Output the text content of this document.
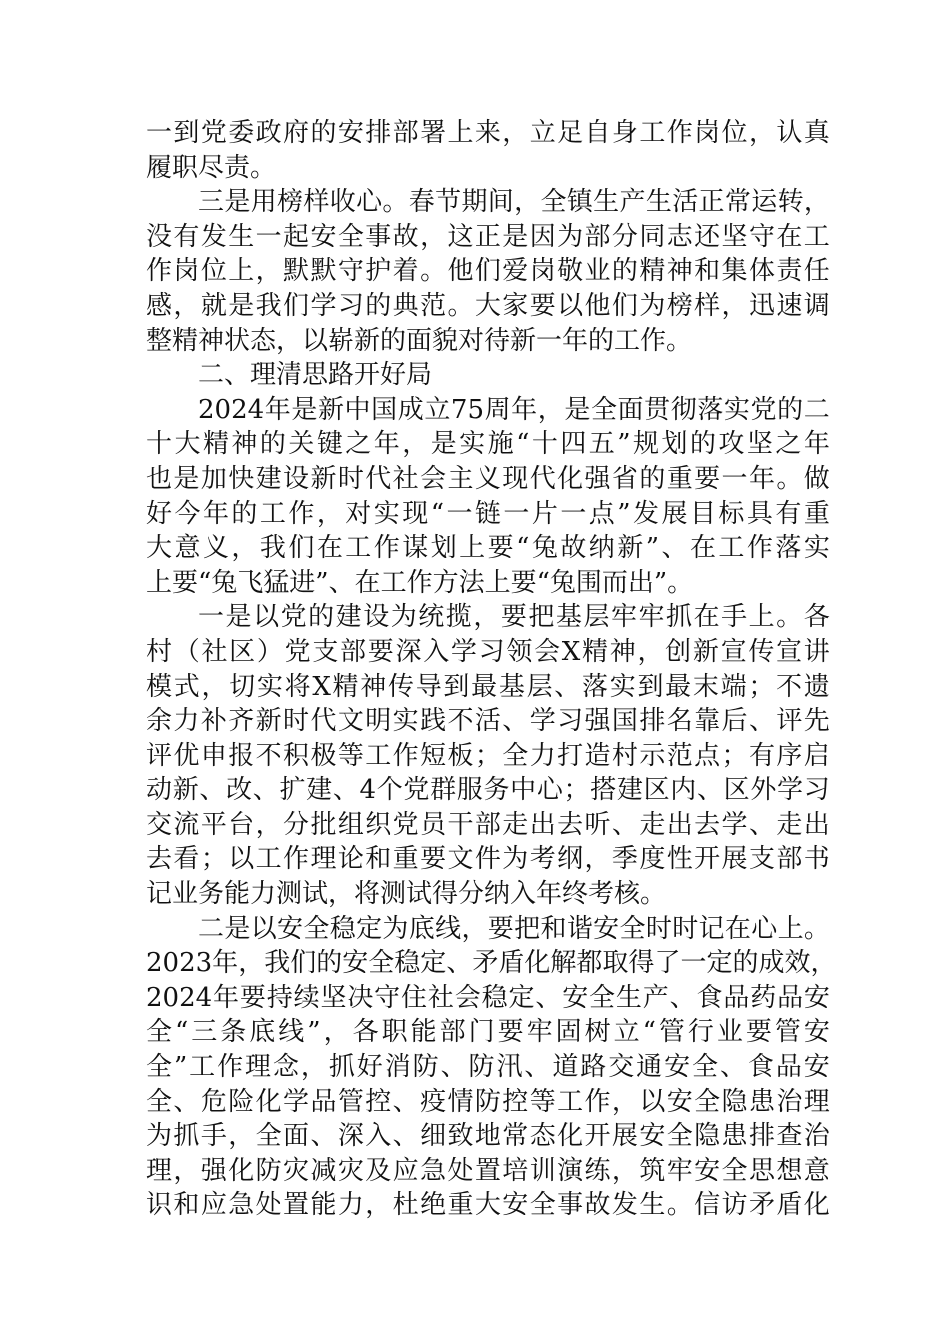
一 到 党 委 政 府 的 安 排 部 署 上 来 ， 立 足 自 身 工 作 岗 位 ， 认 真
履职尽责。
三 是 用 榜 样 收 心 。 春 节 期 间 ， 全 镇 生 产 生 活 正 常 运 转 ，
没 有 发 生 一 起 安 全 事 故 ， 这 正 是 因 为 部 分 同 志 还 坚 守 在 工
作 岗 位 上 ， 默 默 守 护 着 。 他 们 爱 岗 敬 业 的 精 神 和 集 体 责 任
感 ， 就 是 我 们 学 习 的 典 范 。 大 家 要 以 他 们 为 榜 样 ， 迅 速 调
整精神状态，以崭新的面貌对待新一年的工作。
二、理清思路开好局
2024 年 是 新 中 国 成 立 75 周 年 ， 是 全 面 贯 彻 落 实 党 的 二
十 大 精 神 的 关 键 之 年 ， 是 实 施 “ 十 四 五 ” 规 划 的 攻 坚 之 年
也 是 加 快 建 设 新 时 代 社 会 主 义 现 代 化 强 省 的 重 要 一 年 。 做
好 今 年 的 工 作 ， 对 实 现 “ 一 链 一 片 一 点 ” 发 展 目 标 具 有 重
大 意 义 ， 我 们 在 工 作 谋 划 上 要 “ 兔 故 纳 新 ” 、 在 工 作 落 实
上要“兔飞猛进”、在工作方法上要“兔围而出”。
一 是 以 党 的 建 设 为 统 揽 ， 要 把 基 层 牢 牢 抓 在 手 上 。 各
村 （ 社 区 ） 党 支 部 要 深 入 学 习 领 会 X 精 神 ， 创 新 宣 传 宣 讲
模 式 ， 切 实 将 X 精 神 传 导 到 最 基 层 、 落 实 到 最 末 端 ； 不 遗
余 力 补 齐 新 时 代 文 明 实 践 不 活 、 学 习 强 国 排 名 靠 后 、 评 先
评 优 申 报 不 积 极 等 工 作 短 板 ； 全 力 打 造 村 示 范 点 ； 有 序 启
动 新 、 改 、 扩 建 、 4 个 党 群 服 务 中 心 ； 搭 建 区 内 、 区 外 学 习
交 流 平 台 ， 分 批 组 织 党 员 干 部 走 出 去 听 、 走 出 去 学 、 走 出
去 看 ； 以 工 作 理 论 和 重 要 文 件 为 考 纲 ， 季 度 性 开 展 支 部 书
记业务能力测试，将测试得分纳入年终考核。
二 是 以 安 全 稳 定 为 底 线 ， 要 把 和 谐 安 全 时 时 记 在 心 上 。
2023 年 ， 我 们 的 安 全 稳 定 、 矛 盾 化 解 都 取 得 了 一 定 的 成 效 ，
2024 年 要 持 续 坚 决 守 住 社 会 稳 定 、 安 全 生 产 、 食 品 药 品 安
全 “ 三 条 底 线 ” ， 各 职 能 部 门 要 牢 固 树 立 “ 管 行 业 要 管 安
全 ” 工 作 理 念 ， 抓 好 消 防 、 防 汛 、 道 路 交 通 安 全 、 食 品 安
全 、 危 险 化 学 品 管 控 、 疫 情 防 控 等 工 作 ， 以 安 全 隐 患 治 理
为 抓 手 ， 全 面 、 深 入 、 细 致 地 常 态 化 开 展 安 全 隐 患 排 查 治
理 ， 强 化 防 灾 减 灾 及 应 急 处 置 培 训 演 练 ， 筑 牢 安 全 思 想 意
识 和 应 急 处 置 能 力 ， 杜 绝 重 大 安 全 事 故 发 生 。 信 访 矛 盾 化
